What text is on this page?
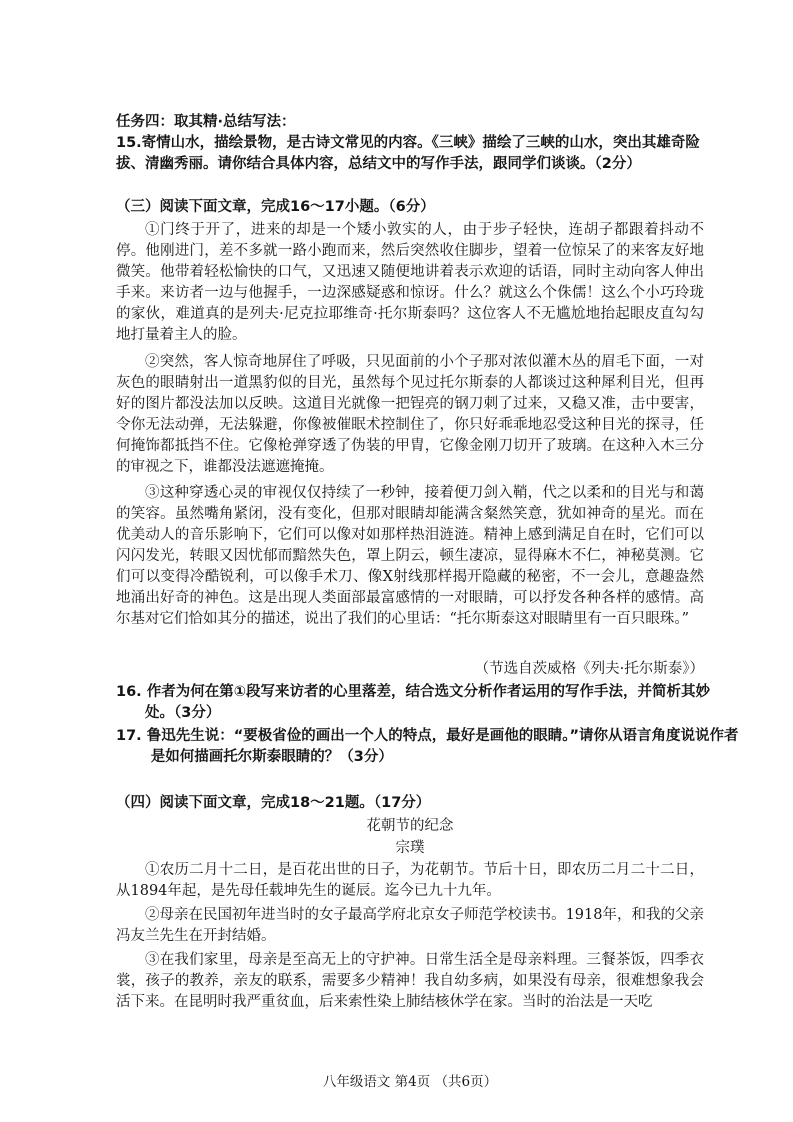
任务四：取其精·总结写法：

15.寄情山水，描绘景物，是古诗文常见的内容。《三峡》描绘了三峡的山水，突出其雄奇险拔、清幽秀丽。请你结合具体内容，总结文中的写作手法，跟同学们谈谈。（2分）

（三）阅读下面文章，完成16～17小题。（6分）

①门终于开了，进来的却是一个矮小敦实的人，由于步子轻快，连胡子都跟着抖动不停。他刚进门，差不多就一路小跑而来，然后突然收住脚步，望着一位惊呆了的来客友好地微笑。他带着轻松愉快的口气，又迅速又随便地讲着表示欢迎的话语，同时主动向客人伸出手来。来访者一边与他握手，一边深感疑惑和惊讶。什么？就这么个侏儒！这么个小巧玲珑的家伙，难道真的是列夫·尼克拉耶维奇·托尔斯泰吗？这位客人不无尴尬地抬起眼皮直勾勾地打量着主人的脸。

②突然，客人惊奇地屏住了呼吸，只见面前的小个子那对浓似灌木丛的眉毛下面，一对灰色的眼睛射出一道黑豹似的目光，虽然每个见过托尔斯泰的人都谈过这种犀利目光，但再好的图片都没法加以反映。这道目光就像一把锃亮的钢刀刺了过来，又稳又准，击中要害，令你无法动弹，无法躲避，你像被催眠术控制住了，你只好乖乖地忍受这种目光的探寻，任何掩饰都抵挡不住。它像枪弹穿透了伪装的甲胄，它像金刚刀切开了玻璃。在这种入木三分的审视之下，谁都没法遮遮掩掩。

③这种穿透心灵的审视仅仅持续了一秒钟，接着便刀剑入鞘，代之以柔和的目光与和蔼的笑容。虽然嘴角紧闭，没有变化，但那对眼睛却能满含粲然笑意，犹如神奇的星光。而在优美动人的音乐影响下，它们可以像对如那样热泪涟涟。精神上感到满足自在时，它们可以闪闪发光，转眼又因忧郁而黯然失色，罩上阴云，顿生凄凉，显得麻木不仁，神秘莫测。它们可以变得冷酷锐利，可以像手术刀、像X射线那样揭开隐藏的秘密，不一会儿，意趣盎然地涌出好奇的神色。这是出现人类面部最富感情的一对眼睛，可以抒发各种各样的感情。高尔基对它们恰如其分的描述，说出了我们的心里话：“托尔斯泰这对眼睛里有一百只眼珠。”

（节选自茨威格《列夫·托尔斯泰》）

16. 作者为何在第①段写来访者的心里落差，结合选文分析作者运用的写作手法，并简析其妙处。（3分）

17. 鲁迅先生说：“要极省俭的画出一个人的特点，最好是画他的眼睛。”请你从语言角度说说作者是如何描画托尔斯泰眼睛的？（3分）

（四）阅读下面文章，完成18～21题。（17分）

花朝节的纪念

宗璞

①农历二月十二日，是百花出世的日子，为花朝节。节后十日，即农历二月二十二日，从1894年起，是先母任载坤先生的诞辰。迄今已九十九年。

②母亲在民国初年进当时的女子最高学府北京女子师范学校读书。1918年，和我的父亲冯友兰先生在开封结婚。

③在我们家里，母亲是至高无上的守护神。日常生活全是母亲料理。三餐茶饭，四季衣裳，孩子的教养，亲友的联系，需要多少精神！我自幼多病，如果没有母亲，很难想象我会活下来。在昆明时我严重贫血，后来索性染上肺结核休学在家。当时的治法是一天吃

八年级语文 第4页 （共6页）
